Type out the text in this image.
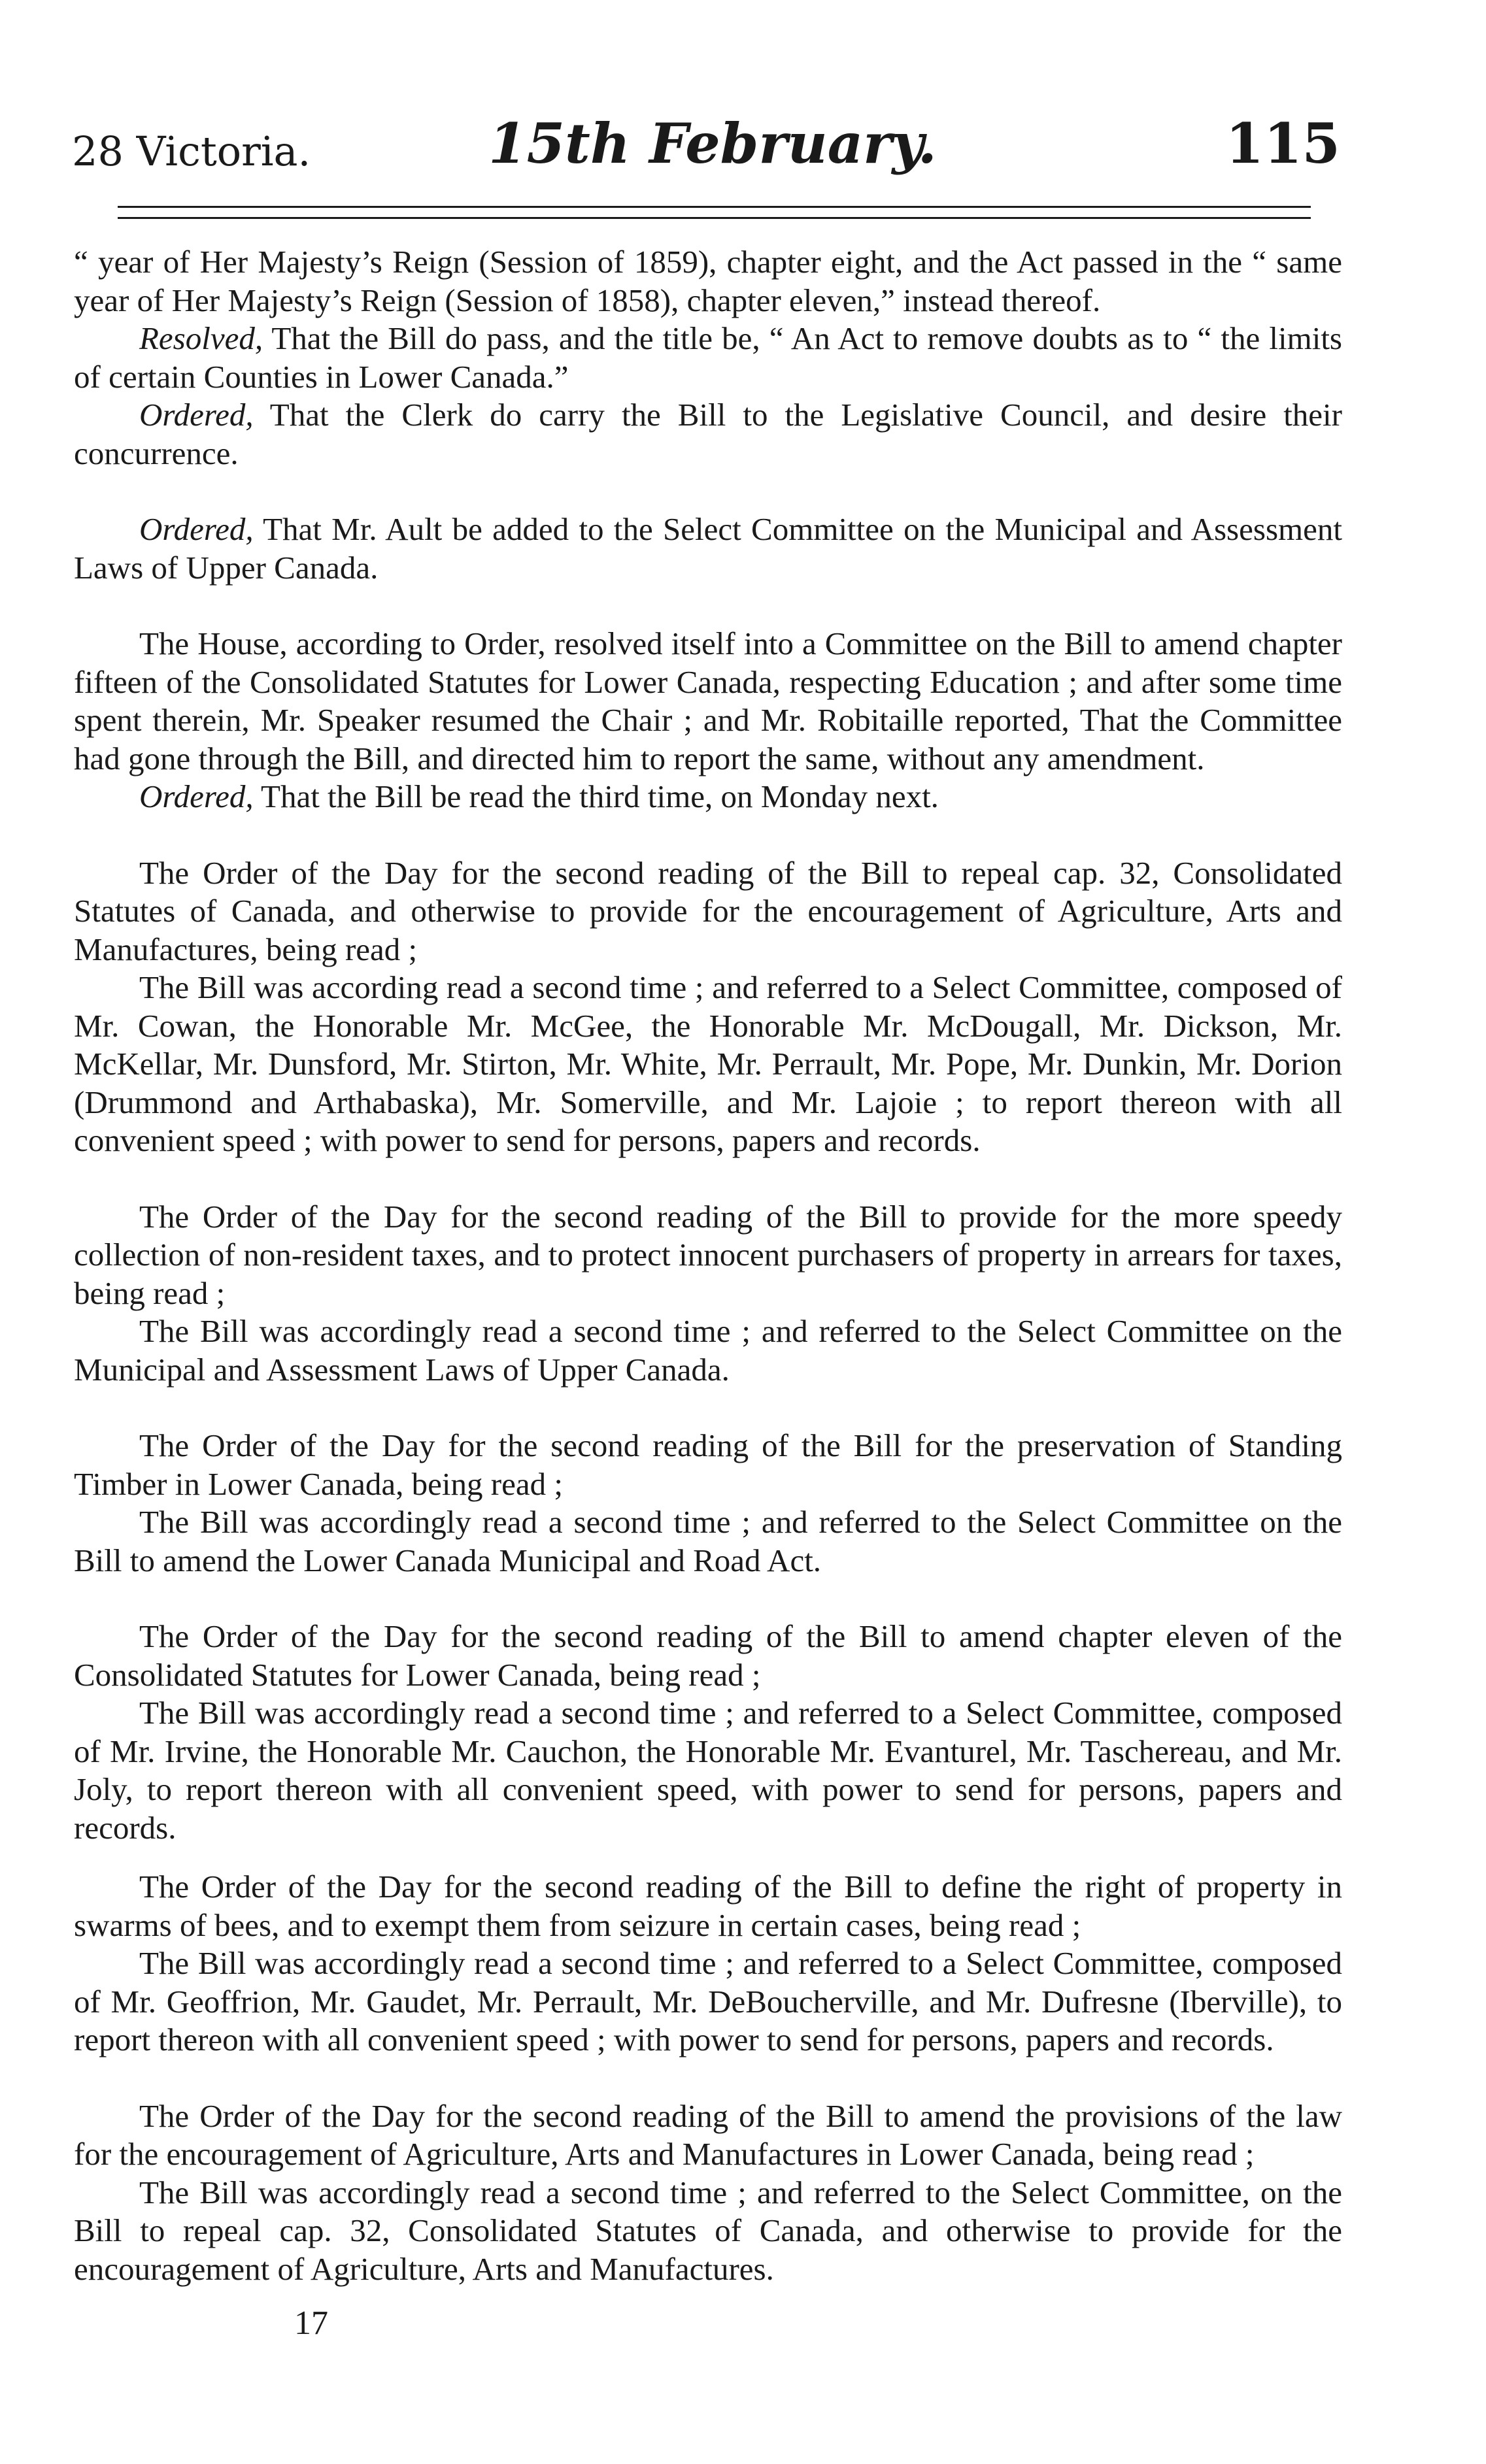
28 Victoria.	15th February.	115

“ year of Her Majesty’s Reign (Session of 1859), chapter eight, and the Act passed in the “ same year of Her Majesty’s Reign (Session of 1858), chapter eleven,” instead thereof.

Resolved, That the Bill do pass, and the title be, “ An Act to remove doubts as to “ the limits of certain Counties in Lower Canada.”

Ordered, That the Clerk do carry the Bill to the Legislative Council, and desire their concurrence.

Ordered, That Mr. Ault be added to the Select Committee on the Municipal and Assessment Laws of Upper Canada.

The House, according to Order, resolved itself into a Committee on the Bill to amend chapter fifteen of the Consolidated Statutes for Lower Canada, respecting Education ; and after some time spent therein, Mr. Speaker resumed the Chair ; and Mr. Robitaille reported, That the Committee had gone through the Bill, and directed him to report the same, without any amendment.

Ordered, That the Bill be read the third time, on Monday next.

The Order of the Day for the second reading of the Bill to repeal cap. 32, Consolidated Statutes of Canada, and otherwise to provide for the encouragement of Agriculture, Arts and Manufactures, being read ;

The Bill was according read a second time ; and referred to a Select Committee, composed of Mr. Cowan, the Honorable Mr. McGee, the Honorable Mr. McDougall, Mr. Dickson, Mr. McKellar, Mr. Dunsford, Mr. Stirton, Mr. White, Mr. Perrault, Mr. Pope, Mr. Dunkin, Mr. Dorion (Drummond and Arthabaska), Mr. Somerville, and Mr. Lajoie ; to report thereon with all convenient speed ; with power to send for persons, papers and records.

The Order of the Day for the second reading of the Bill to provide for the more speedy collection of non-resident taxes, and to protect innocent purchasers of property in arrears for taxes, being read ;

The Bill was accordingly read a second time ; and referred to the Select Committee on the Municipal and Assessment Laws of Upper Canada.

The Order of the Day for the second reading of the Bill for the preservation of Standing Timber in Lower Canada, being read ;

The Bill was accordingly read a second time ; and referred to the Select Committee on the Bill to amend the Lower Canada Municipal and Road Act.

The Order of the Day for the second reading of the Bill to amend chapter eleven of the Consolidated Statutes for Lower Canada, being read ;

The Bill was accordingly read a second time ; and referred to a Select Committee, composed of Mr. Irvine, the Honorable Mr. Cauchon, the Honorable Mr. Evanturel, Mr. Taschereau, and Mr. Joly, to report thereon with all convenient speed, with power to send for persons, papers and records.

The Order of the Day for the second reading of the Bill to define the right of property in swarms of bees, and to exempt them from seizure in certain cases, being read ;

The Bill was accordingly read a second time ; and referred to a Select Committee, composed of Mr. Geoffrion, Mr. Gaudet, Mr. Perrault, Mr. DeBoucherville, and Mr. Dufresne (Iberville), to report thereon with all convenient speed ; with power to send for persons, papers and records.

The Order of the Day for the second reading of the Bill to amend the provisions of the law for the encouragement of Agriculture, Arts and Manufactures in Lower Canada, being read ;

The Bill was accordingly read a second time ; and referred to the Select Committee, on the Bill to repeal cap. 32, Consolidated Statutes of Canada, and otherwise to provide for the encouragement of Agriculture, Arts and Manufactures.

17
